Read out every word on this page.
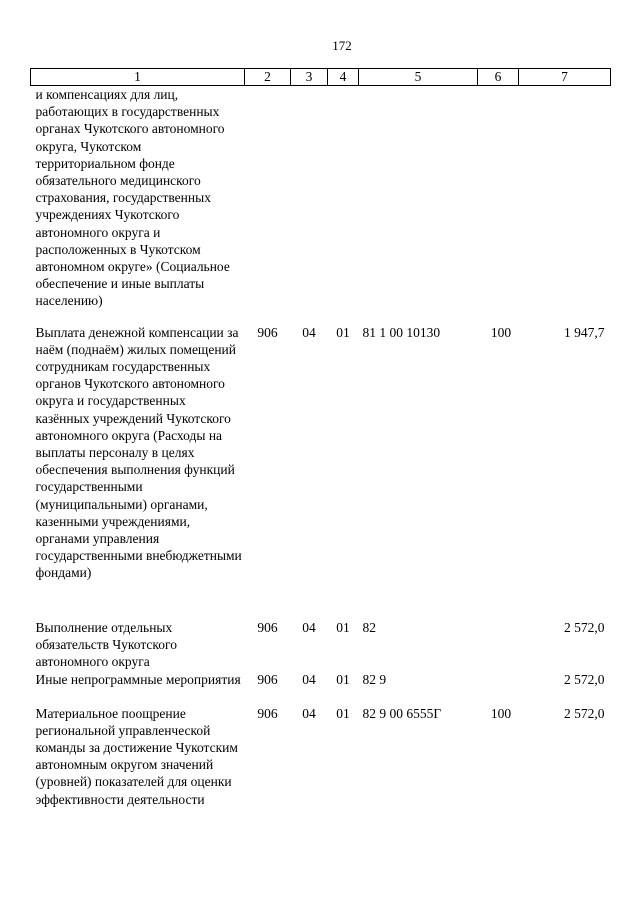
172
1	2	3	4	5	6	7
и компенсациях для лиц, работающих в государственных органах Чукотского автономного округа, Чукотском территориальном фонде обязательного медицинского страхования, государственных учреждениях Чукотского автономного округа и расположенных в Чукотском автономном округе» (Социальное обеспечение и иные выплаты населению)						
Выплата денежной компенсации за наём (поднаём) жилых помещений сотрудникам государственных органов Чукотского автономного округа и государственных казённых учреждений Чукотского автономного округа (Расходы на выплаты персоналу в целях обеспечения выполнения функций государственными (муниципальными) органами, казенными учреждениями, органами управления государственными внебюджетными фондами)	906	04	01	81 1 00 10130	100	1 947,7
Выполнение отдельных обязательств Чукотского автономного округа	906	04	01	82		2 572,0
Иные непрограммные мероприятия	906	04	01	82 9		2 572,0
Материальное поощрение региональной управленческой команды за достижение Чукотским автономным округом значений (уровней) показателей для оценки эффективности деятельности	906	04	01	82 9 00 6555Г	100	2 572,0
